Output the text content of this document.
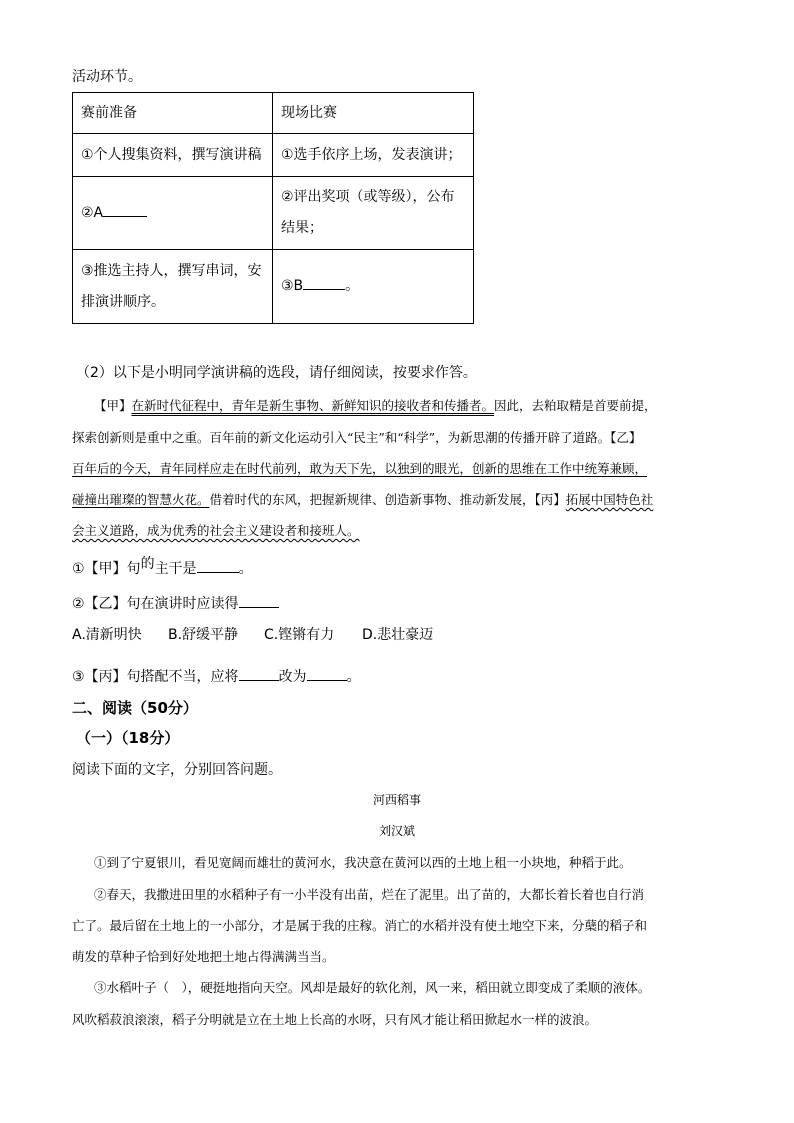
活动环节。
赛前准备	现场比赛
①个人搜集资料，撰写演讲稿	①选手依序上场，发表演讲；
②A	②评出奖项（或等级），公布结果；
③推选主持人，撰写串词，安排演讲顺序。	③B 。
（2）以下是小明同学演讲稿的选段，请仔细阅读，按要求作答。
【甲】在新时代征程中，青年是新生事物、新鲜知识的接收者和传播者。因此，去粕取精是首要前提，
探索创新则是重中之重。百年前的新文化运动引入“民主”和“科学”，为新思潮的传播开辟了道路。【乙】
百年后的今天，青年同样应走在时代前列，敢为天下先，以独到的眼光，创新的思维在工作中统筹兼顾，
碰撞出璀璨的智慧火花。借着时代的东风，把握新规律、创造新事物、推动新发展，【丙】拓展中国特色社
会主义道路，成为优秀的社会主义建设者和接班人。
①【甲】句的主干是	。
②【乙】句在演讲时应读得
A.清新明快 B.舒缓平静 C.铿锵有力 D.悲壮豪迈
③【丙】句搭配不当，应将	改为	。
二、阅读（50分）
（一）（18分）
阅读下面的文字，分别回答问题。
河西稻事
刘汉斌
①到了宁夏银川，看见宽阔而雄壮的黄河水，我决意在黄河以西的土地上租一小块地，种稻于此。
②春天，我撒进田里的水稻种子有一小半没有出苗，烂在了泥里。出了苗的，大都长着长着也自行消
亡了。最后留在土地上的一小部分，才是属于我的庄稼。消亡的水稻并没有使土地空下来，分蘖的稻子和
萌发的草种子恰到好处地把土地占得满满当当。
③水稻叶子（　），硬挺地指向天空。风却是最好的软化剂，风一来，稻田就立即变成了柔顺的液体。
风吹稻菽浪滚滚，稻子分明就是立在土地上长高的水呀，只有风才能让稻田掀起水一样的波浪。
